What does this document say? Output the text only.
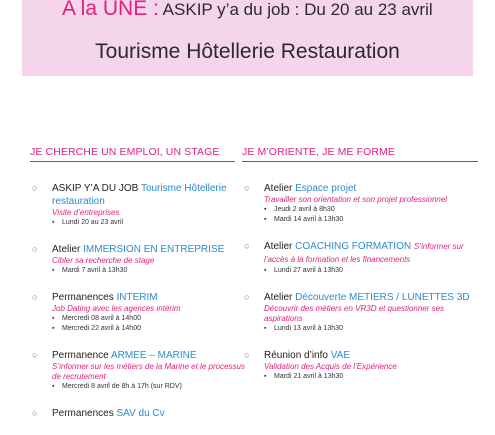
A la UNE : ASKIP y’a du job : Du 20 au 23 avril
Tourisme Hôtellerie Restauration
JE CHERCHE UN EMPLOI, UN STAGE
○ ASKIP Y’A DU JOB Tourisme Hôtellerie restauration
Visite d’entreprises
▪ Lundi 20 au 23 avril
○ Atelier IMMERSION EN ENTREPRISE
Cibler sa recherche de stage
▪ Mardi 7 avril à 13h30
○ Permanences INTERIM
Job Dating avec les agences intérim
▪ Mercredi 08 avril à 14h00
▪ Mercredi 22 avril à 14h00
○ Permanence ARMEE – MARINE
S’informer sur les métiers de la Marine et le processus de recrutement
▪ Mercredi 8 avril de 8h à 17h (sur RDV)
○ Permanences SAV du Cv
JE M’ORIENTE, JE ME FORME
○ Atelier Espace projet
Travailler son orientation et son projet professionnel
▪ Jeudi 2 avril à 8h30
▪ Mardi 14 avril à 13h30
○ Atelier COACHING FORMATION S’informer sur l’accès à la formation et les financements
▪ Lundi 27 avril à 13h30
○ Atelier Découverte METIERS / LUNETTES 3D
Découvrir des métiers en VR3D et questionner ses aspirations
▪ Lundi 13 avril à 13h30
○ Réunion d’info VAE
Validation des Acquis de l’Expérience
▪ Mardi 21 avril à 13h30
